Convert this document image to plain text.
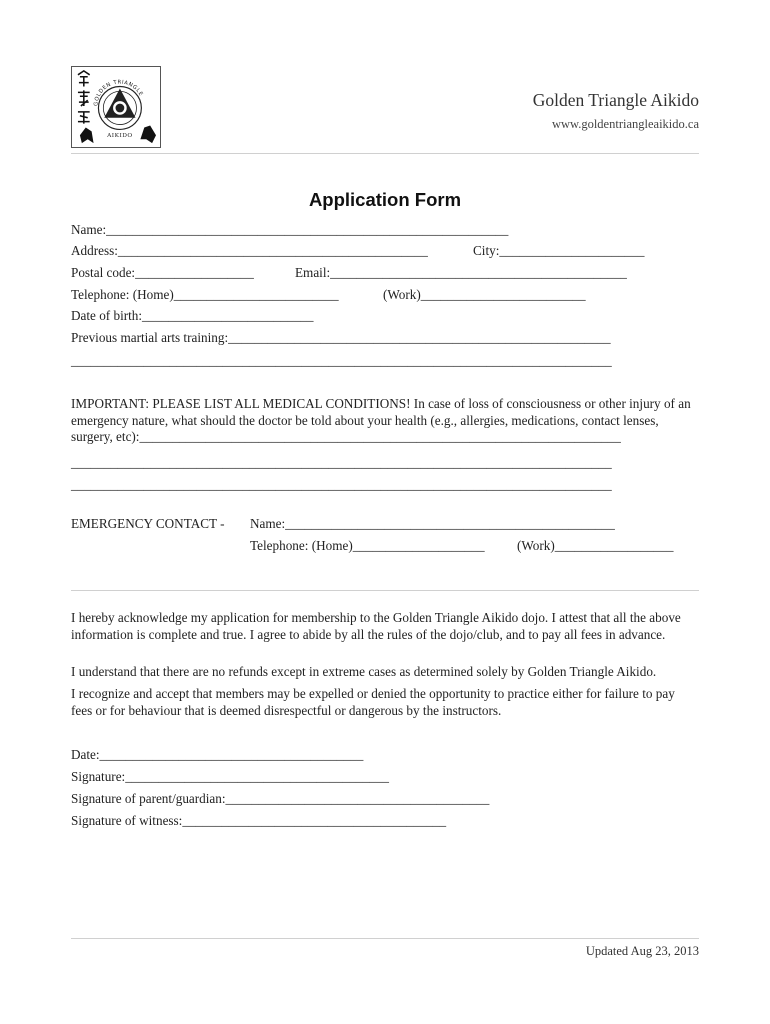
GOLDEN TRIANGLE
AIKIDO
Golden Triangle Aikido
www.goldentriangleaikido.ca
Application Form
Name:_____________________________________________________________
Address:_______________________________________________	City:______________________
Postal code:__________________	Email:_____________________________________________
Telephone: (Home)_________________________	(Work)_________________________
Date of birth:__________________________
Previous martial arts training:__________________________________________________________
__________________________________________________________________________________
IMPORTANT: PLEASE LIST ALL MEDICAL CONDITIONS! In case of loss of consciousness or other injury of an emergency nature, what should the doctor be told about your health (e.g., allergies, medications, contact lenses, surgery, etc):_________________________________________________________________________
__________________________________________________________________________________
__________________________________________________________________________________
EMERGENCY CONTACT - Name:__________________________________________________
Telephone: (Home)____________________ (Work)__________________
I hereby acknowledge my application for membership to the Golden Triangle Aikido dojo. I attest that all the above information is complete and true. I agree to abide by all the rules of the dojo/club, and to pay all fees in advance.
I understand that there are no refunds except in extreme cases as determined solely by Golden Triangle Aikido.
I recognize and accept that members may be expelled or denied the opportunity to practice either for failure to pay fees or for behaviour that is deemed disrespectful or dangerous by the instructors.
Date:________________________________________
Signature:________________________________________
Signature of parent/guardian:________________________________________
Signature of witness:________________________________________
Updated Aug 23, 2013
